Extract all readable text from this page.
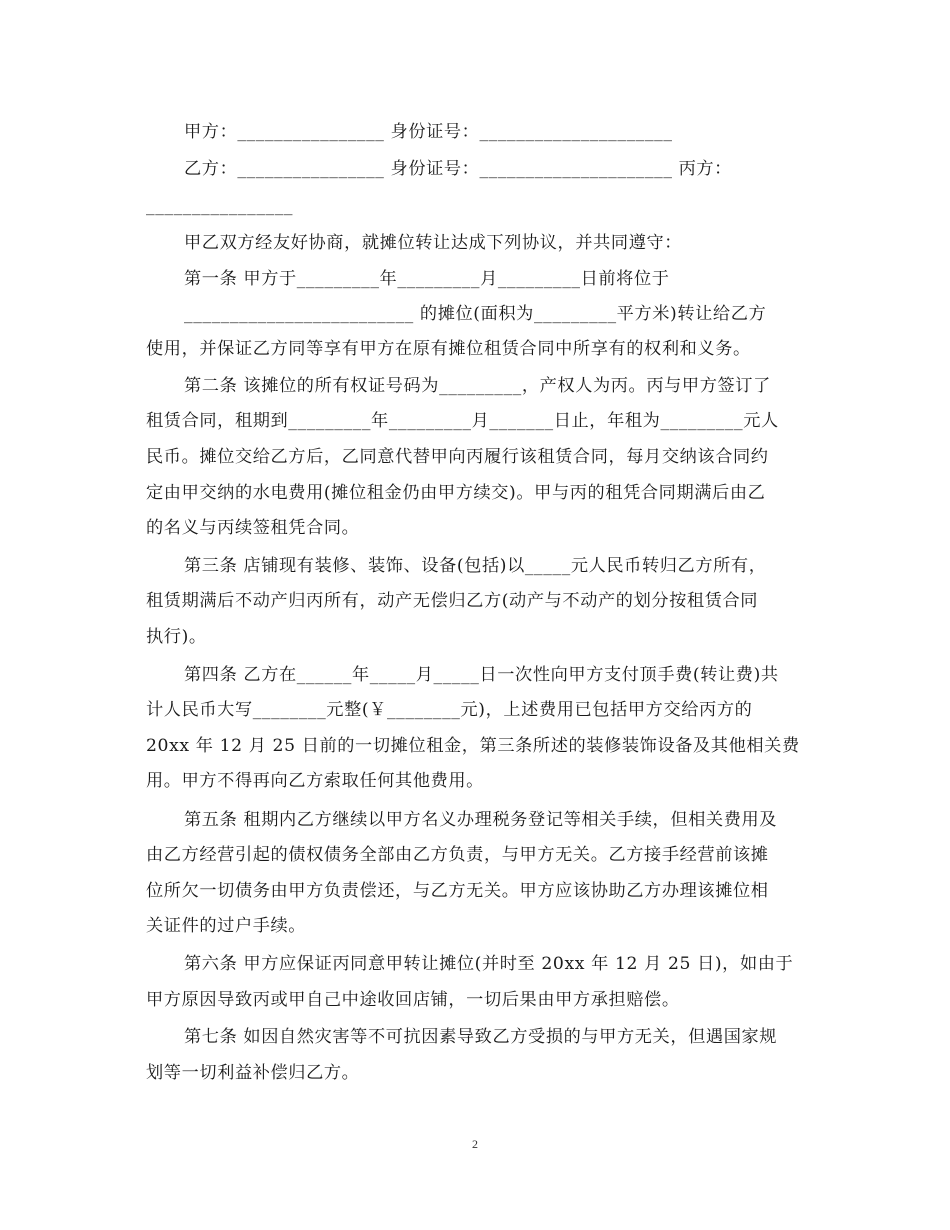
甲方：________________ 身份证号：_____________________
乙方：________________ 身份证号：_____________________ 丙方：
________________
甲乙双方经友好协商，就摊位转让达成下列协议，并共同遵守：
第一条 甲方于_________年_________月_________日前将位于
_________________________ 的摊位(面积为_________平方米)转让给乙方
使用，并保证乙方同等享有甲方在原有摊位租赁合同中所享有的权利和义务。
第二条 该摊位的所有权证号码为_________，产权人为丙。丙与甲方签订了
租赁合同，租期到_________年_________月_______日止，年租为_________元人
民币。摊位交给乙方后，乙同意代替甲向丙履行该租赁合同，每月交纳该合同约
定由甲交纳的水电费用(摊位租金仍由甲方续交)。甲与丙的租凭合同期满后由乙
的名义与丙续签租凭合同。
第三条 店铺现有装修、装饰、设备(包括)以_____元人民币转归乙方所有，
租赁期满后不动产归丙所有，动产无偿归乙方(动产与不动产的划分按租赁合同
执行)。
第四条 乙方在______年_____月_____日一次性向甲方支付顶手费(转让费)共
计人民币大写________元整(￥________元)，上述费用已包括甲方交给丙方的
20xx 年 12 月 25 日前的一切摊位租金，第三条所述的装修装饰设备及其他相关费
用。甲方不得再向乙方索取任何其他费用。
第五条 租期内乙方继续以甲方名义办理税务登记等相关手续，但相关费用及
由乙方经营引起的债权债务全部由乙方负责，与甲方无关。乙方接手经营前该摊
位所欠一切债务由甲方负责偿还，与乙方无关。甲方应该协助乙方办理该摊位相
关证件的过户手续。
第六条 甲方应保证丙同意甲转让摊位(并时至 20xx 年 12 月 25 日)，如由于
甲方原因导致丙或甲自己中途收回店铺，一切后果由甲方承担赔偿。
第七条 如因自然灾害等不可抗因素导致乙方受损的与甲方无关，但遇国家规
划等一切利益补偿归乙方。
2
